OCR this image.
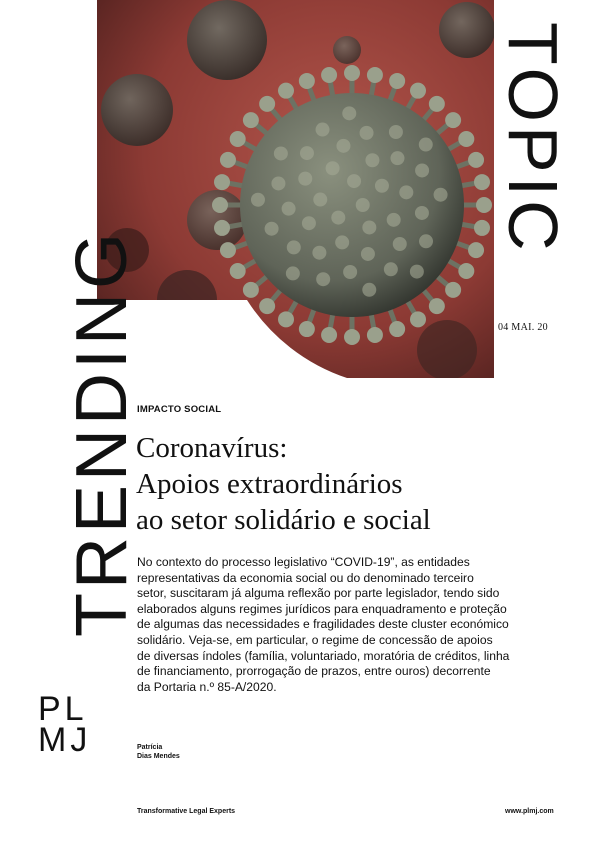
TRENDING
TOPIC
04 MAI. 20
IMPACTO SOCIAL
Coronavírus:
Apoios extraordinários
ao setor solidário e social
No contexto do processo legislativo “COVID-19”, as entidades
representativas da economia social ou do denominado terceiro
setor, suscitaram já alguma reflexão por parte legislador, tendo sido
elaborados alguns regimes jurídicos para enquadramento e proteção
de algumas das necessidades e fragilidades deste cluster económico
solidário. Veja-se, em particular, o regime de concessão de apoios
de diversas índoles (família, voluntariado, moratória de créditos, linha
de financiamento, prorrogação de prazos, entre ouros) decorrente
da Portaria n.º 85-A/2020.
Patrícia
Dias Mendes
PL
MJ
Transformative Legal Experts	www.plmj.com
